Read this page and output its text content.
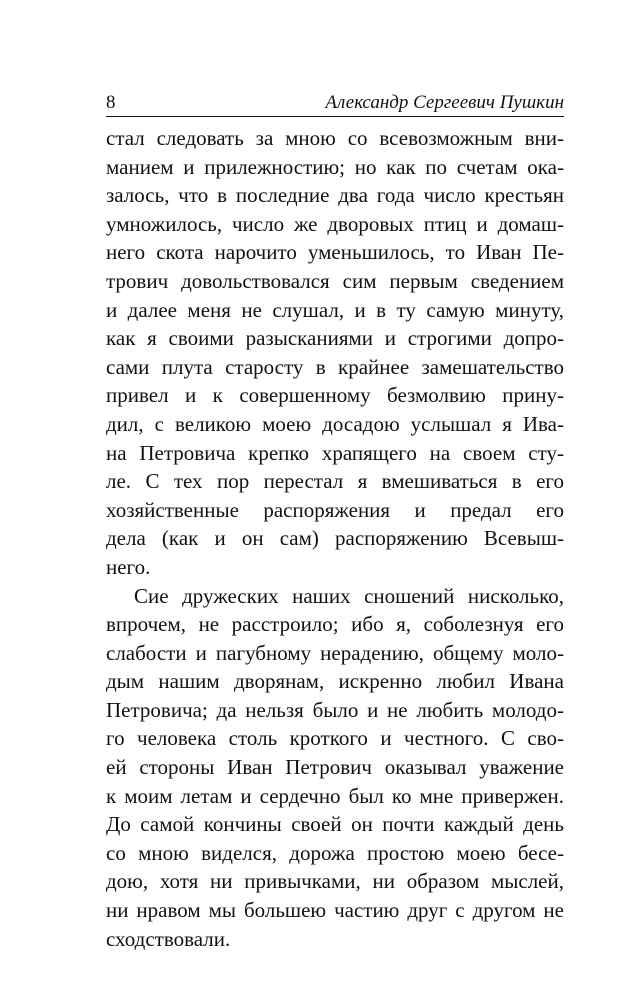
8	Александр Сергеевич Пушкин
стал следовать за мною со всевозможным вни-
манием и прилежностию; но как по счетам ока-
залось, что в последние два года число крестьян
умножилось, число же дворовых птиц и домаш-
него скота нарочито уменьшилось, то Иван Пе-
трович довольствовался сим первым сведением
и далее меня не слушал, и в ту самую минуту,
как я своими разысканиями и строгими допро-
сами плута старосту в крайнее замешательство
привел и к совершенному безмолвию прину-
дил, с великою моею досадою услышал я Ива-
на Петровича крепко храпящего на своем сту-
ле. С тех пор перестал я вмешиваться в его
хозяйственные распоряжения и предал его
дела (как и он сам) распоряжению Всевыш-
него.
Сие дружеских наших сношений нисколько,
впрочем, не расстроило; ибо я, соболезнуя его
слабости и пагубному нерадению, общему моло-
дым нашим дворянам, искренно любил Ивана
Петровича; да нельзя было и не любить молодо-
го человека столь кроткого и честного. С сво-
ей стороны Иван Петрович оказывал уважение
к моим летам и сердечно был ко мне привержен.
До самой кончины своей он почти каждый день
со мною виделся, дорожа простою моею бесе-
дою, хотя ни привычками, ни образом мыслей,
ни нравом мы большею частию друг с другом не
сходствовали.
